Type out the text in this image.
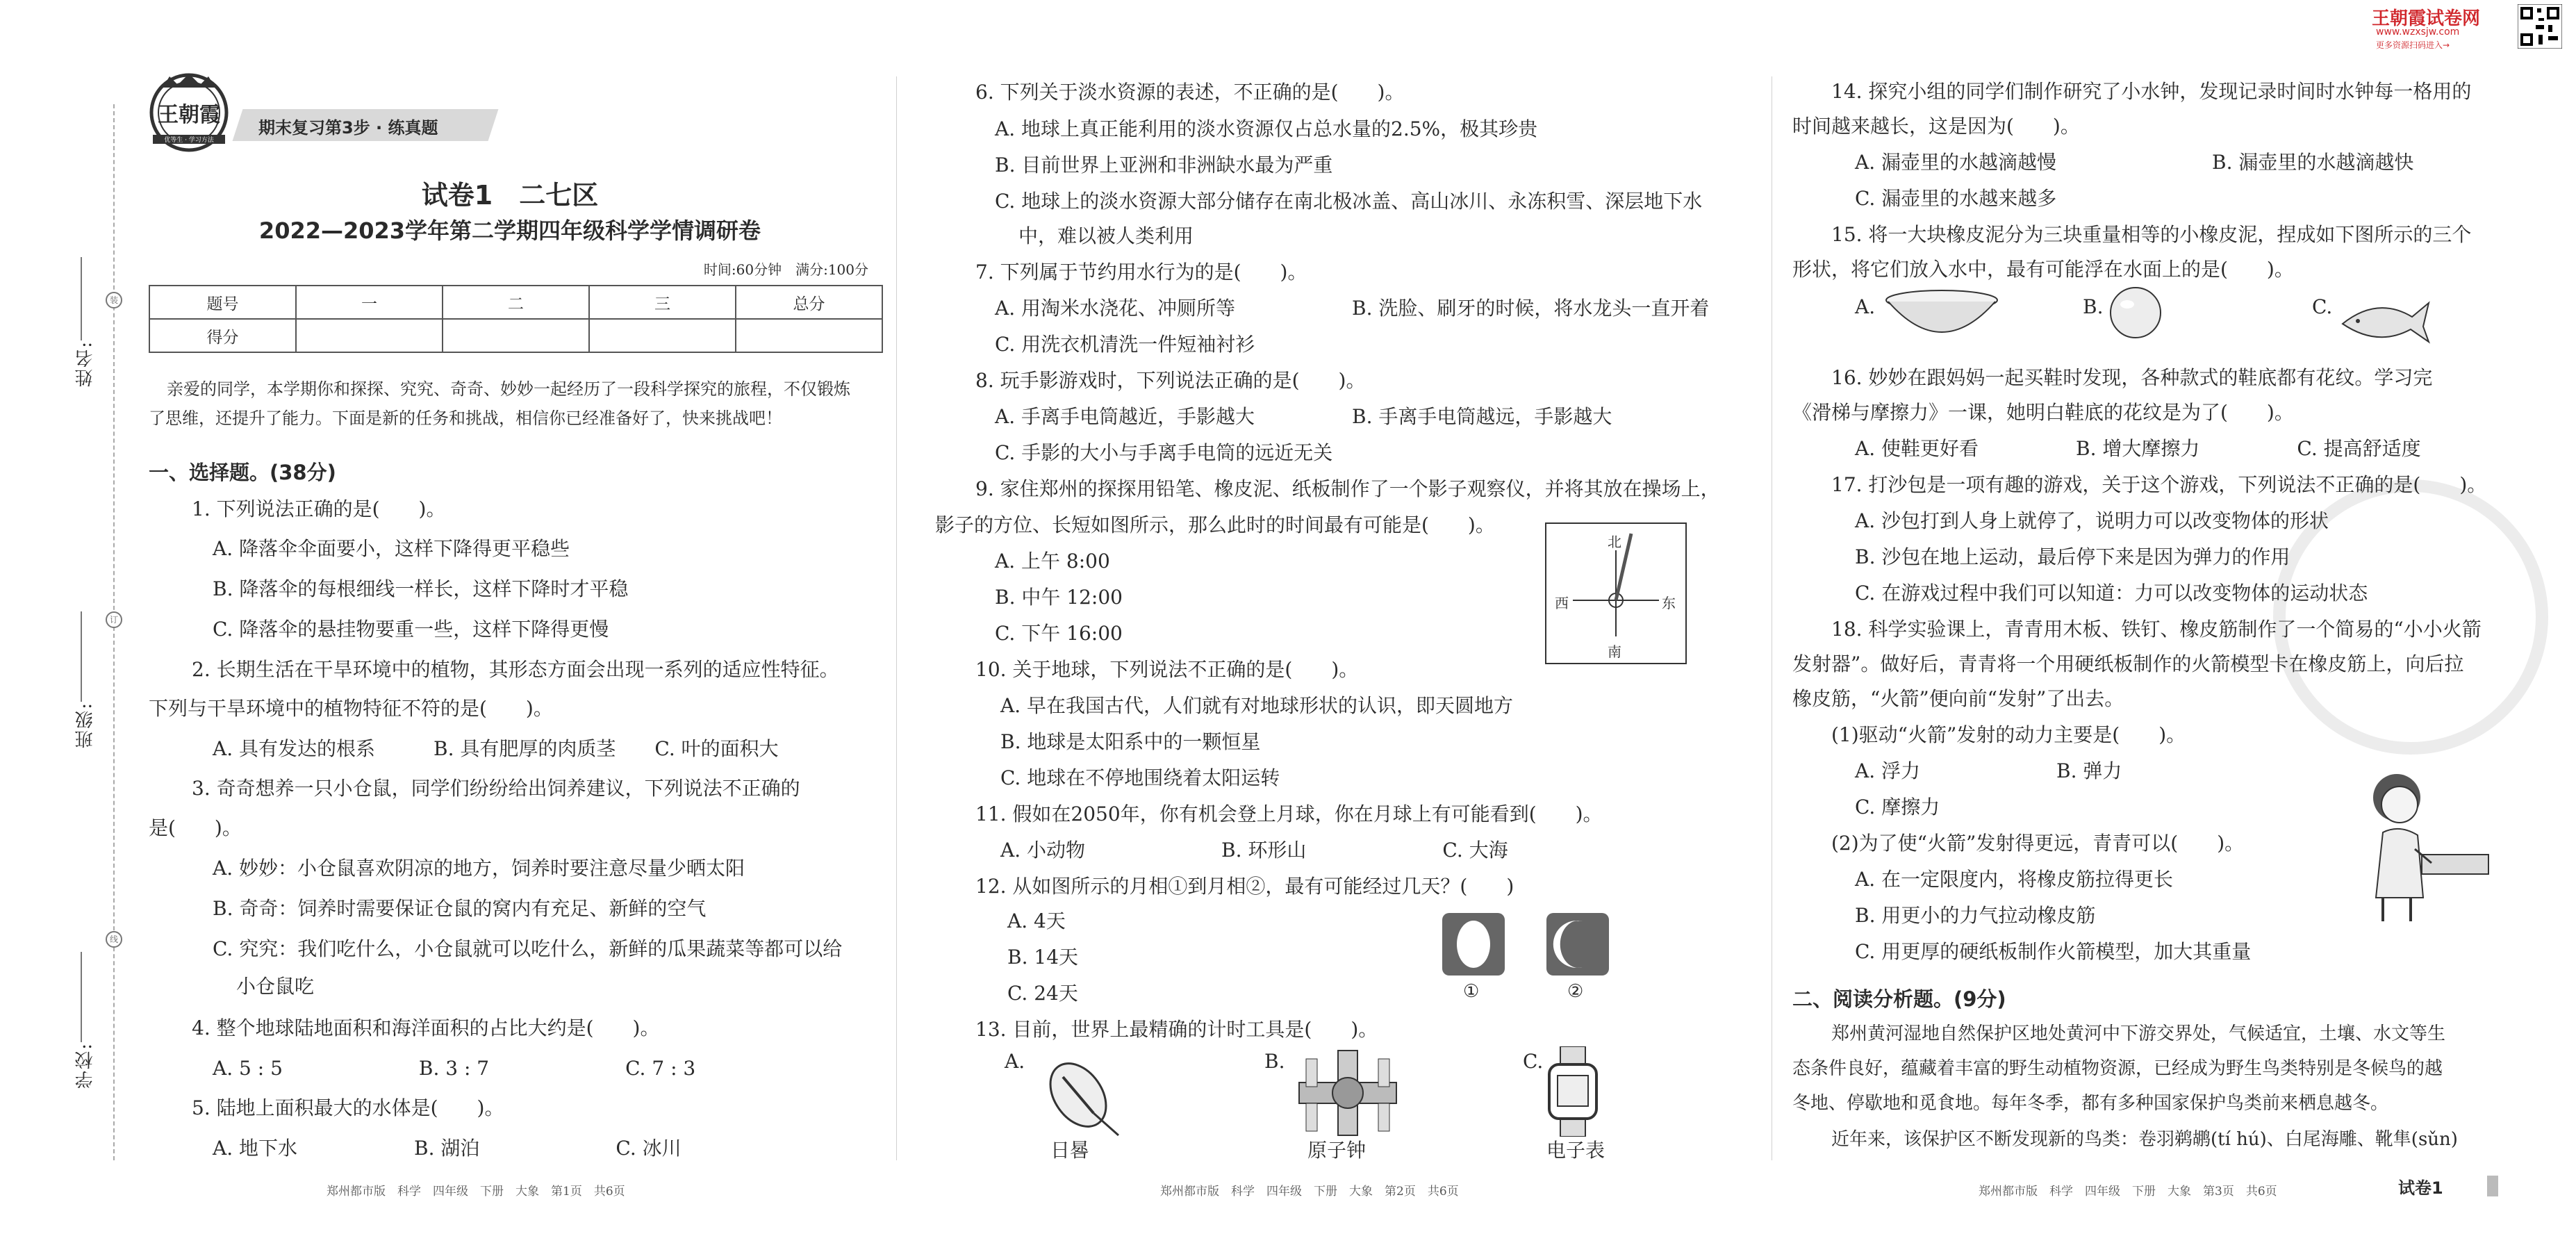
姓名:
班级:
学校:
装
订
线
王朝霞
优等生 · 学习方法
期末复习第3步 · 练真题
试卷1　二七区
2022—2023学年第二学期四年级科学学情调研卷
时间:60分钟　满分:100分
题号	一	二	三	总分
得分				
亲爱的同学，本学期你和探探、究究、奇奇、妙妙一起经历了一段科学探究的旅程，不仅锻炼
了思维，还提升了能力。下面是新的任务和挑战，相信你已经准备好了，快来挑战吧！
一、选择题。(38分)
1. 下列说法正确的是(　　)。
A. 降落伞伞面要小，这样下降得更平稳些
B. 降落伞的每根细线一样长，这样下降时才平稳
C. 降落伞的悬挂物要重一些，这样下降得更慢
2. 长期生活在干旱环境中的植物，其形态方面会出现一系列的适应性特征。
下列与干旱环境中的植物特征不符的是(　　)。
A. 具有发达的根系　　　B. 具有肥厚的肉质茎　　C. 叶的面积大
3. 奇奇想养一只小仓鼠，同学们纷纷给出饲养建议，下列说法不正确的
是(　　)。
A. 妙妙：小仓鼠喜欢阴凉的地方，饲养时要注意尽量少晒太阳
B. 奇奇：饲养时需要保证仓鼠的窝内有充足、新鲜的空气
C. 究究：我们吃什么，小仓鼠就可以吃什么，新鲜的瓜果蔬菜等都可以给
小仓鼠吃
4. 整个地球陆地面积和海洋面积的占比大约是(　　)。
A. 5 : 5　　　　　　　B. 3 : 7　　　　　　　C. 7 : 3
5. 陆地上面积最大的水体是(　　)。
A. 地下水　　　　　　B. 湖泊　　　　　　　C. 冰川
郑州都市版　科学　四年级　下册　大象　第1页　共6页
6. 下列关于淡水资源的表述，不正确的是(　　)。
A. 地球上真正能利用的淡水资源仅占总水量的2.5%，极其珍贵
B. 目前世界上亚洲和非洲缺水最为严重
C. 地球上的淡水资源大部分储存在南北极冰盖、高山冰川、永冻积雪、深层地下水
中，难以被人类利用
7. 下列属于节约用水行为的是(　　)。
A. 用淘米水浇花、冲厕所等　　　　　　B. 洗脸、刷牙的时候，将水龙头一直开着
C. 用洗衣机清洗一件短袖衬衫
8. 玩手影游戏时，下列说法正确的是(　　)。
A. 手离手电筒越近，手影越大　　　　　B. 手离手电筒越远，手影越大
C. 手影的大小与手离手电筒的远近无关
9. 家住郑州的探探用铅笔、橡皮泥、纸板制作了一个影子观察仪，并将其放在操场上，
影子的方位、长短如图所示，那么此时的时间最有可能是(　　)。
A. 上午 8:00
B. 中午 12:00
C. 下午 16:00
北
南
东
西
10. 关于地球，下列说法不正确的是(　　)。
A. 早在我国古代，人们就有对地球形状的认识，即天圆地方
B. 地球是太阳系中的一颗恒星
C. 地球在不停地围绕着太阳运转
11. 假如在2050年，你有机会登上月球，你在月球上有可能看到(　　)。
A. 小动物　　　　　　　B. 环形山　　　　　　　C. 大海
12. 从如图所示的月相①到月相②，最有可能经过几天？(　　)
A. 4天
B. 14天
C. 24天	①	②
13. 目前，世界上最精确的计时工具是(　　)。
A.
日晷
B.
原子钟
C.
电子表
郑州都市版　科学　四年级　下册　大象　第2页　共6页
王朝霞试卷网
www.wzxsjw.com
更多资源扫码进入→
14. 探究小组的同学们制作研究了小水钟，发现记录时间时水钟每一格用的
时间越来越长，这是因为(　　)。
A. 漏壶里的水越滴越慢　　　　　　　　B. 漏壶里的水越滴越快
C. 漏壶里的水越来越多
15. 将一大块橡皮泥分为三块重量相等的小橡皮泥，捏成如下图所示的三个
形状，将它们放入水中，最有可能浮在水面上的是(　　)。
A.	B.	C.
16. 妙妙在跟妈妈一起买鞋时发现，各种款式的鞋底都有花纹。学习完
《滑梯与摩擦力》一课，她明白鞋底的花纹是为了(　　)。
A. 使鞋更好看　　　　　B. 增大摩擦力　　　　　C. 提高舒适度
17. 打沙包是一项有趣的游戏，关于这个游戏，下列说法不正确的是(　　)。
A. 沙包打到人身上就停了，说明力可以改变物体的形状
B. 沙包在地上运动，最后停下来是因为弹力的作用
C. 在游戏过程中我们可以知道：力可以改变物体的运动状态
18. 科学实验课上，青青用木板、铁钉、橡皮筋制作了一个简易的“小小火箭
发射器”。做好后，青青将一个用硬纸板制作的火箭模型卡在橡皮筋上，向后拉
橡皮筋，“火箭”便向前“发射”了出去。
(1)驱动“火箭”发射的动力主要是(　　)。
A. 浮力　　　　　　　B. 弹力
C. 摩擦力
(2)为了使“火箭”发射得更远，青青可以(　　)。
A. 在一定限度内，将橡皮筋拉得更长
B. 用更小的力气拉动橡皮筋
C. 用更厚的硬纸板制作火箭模型，加大其重量
二、阅读分析题。(9分)
郑州黄河湿地自然保护区地处黄河中下游交界处，气候适宜，土壤、水文等生
态条件良好，蕴藏着丰富的野生动植物资源，已经成为野生鸟类特别是冬候鸟的越
冬地、停歇地和觅食地。每年冬季，都有多种国家保护鸟类前来栖息越冬。
近年来，该保护区不断发现新的鸟类：卷羽鹈鹕(tí hú)、白尾海雕、靴隼(sǔn)
郑州都市版　科学　四年级　下册　大象　第3页　共6页	试卷1
